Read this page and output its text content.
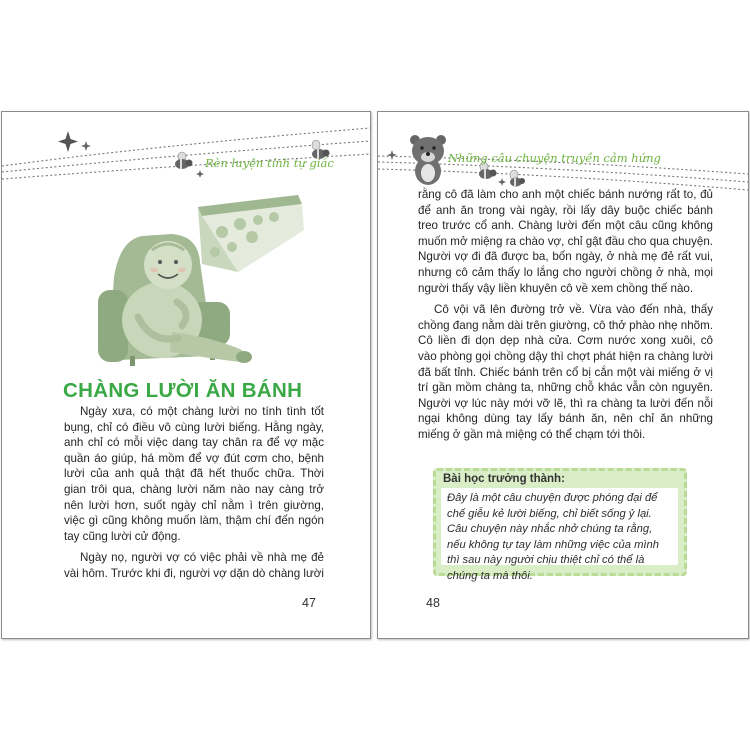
Rèn luyện tính tự giác
CHÀNG LƯỜI ĂN BÁNH

Ngày xưa, có một chàng lười no tính tình tốt bụng, chỉ có điều vô cùng lười biếng. Hằng ngày, anh chỉ có mỗi việc dang tay chân ra để vợ mặc quần áo giúp, há mồm để vợ đút cơm cho, bệnh lười của anh quả thật đã hết thuốc chữa. Thời gian trôi qua, chàng lười năm nào nay càng trở nên lười hơn, suốt ngày chỉ nằm ì trên giường, việc gì cũng không muốn làm, thậm chí đến ngón tay cũng lười cử động.

Ngày nọ, người vợ có việc phải về nhà mẹ đẻ vài hôm. Trước khi đi, người vợ dặn dò chàng lười

47
Những câu chuyện truyền cảm hứng

rằng cô đã làm cho anh một chiếc bánh nướng rất to, đủ để anh ăn trong vài ngày, rồi lấy dây buộc chiếc bánh treo trước cổ anh. Chàng lười đến một câu cũng không muốn mở miệng ra chào vợ, chỉ gật đầu cho qua chuyện. Người vợ đi đã được ba, bốn ngày, ở nhà mẹ đẻ rất vui, nhưng cô cảm thấy lo lắng cho người chồng ở nhà, mọi người thấy vậy liền khuyên cô về xem chồng thế nào.

Cô vội vã lên đường trở về. Vừa vào đến nhà, thấy chồng đang nằm dài trên giường, cô thở phào nhẹ nhõm. Cô liền đi dọn dẹp nhà cửa. Cơm nước xong xuôi, cô vào phòng gọi chồng dậy thì chợt phát hiện ra chàng lười đã bất tỉnh. Chiếc bánh trên cổ bị cắn một vài miếng ở vị trí gần mồm chàng ta, những chỗ khác vẫn còn nguyên. Người vợ lúc này mới vỡ lẽ, thì ra chàng ta lười đến nỗi ngại không dùng tay lấy bánh ăn, nên chỉ ăn những miếng ở gần mà miệng có thể chạm tới thôi.

Bài học trưởng thành:
Đây là một câu chuyện được phóng đại để chế giễu kẻ lười biếng, chỉ biết sống ỷ lại. Câu chuyện này nhắc nhở chúng ta rằng, nếu không tự tay làm những việc của mình thì sau này người chịu thiệt chỉ có thể là chúng ta mà thôi.
48
